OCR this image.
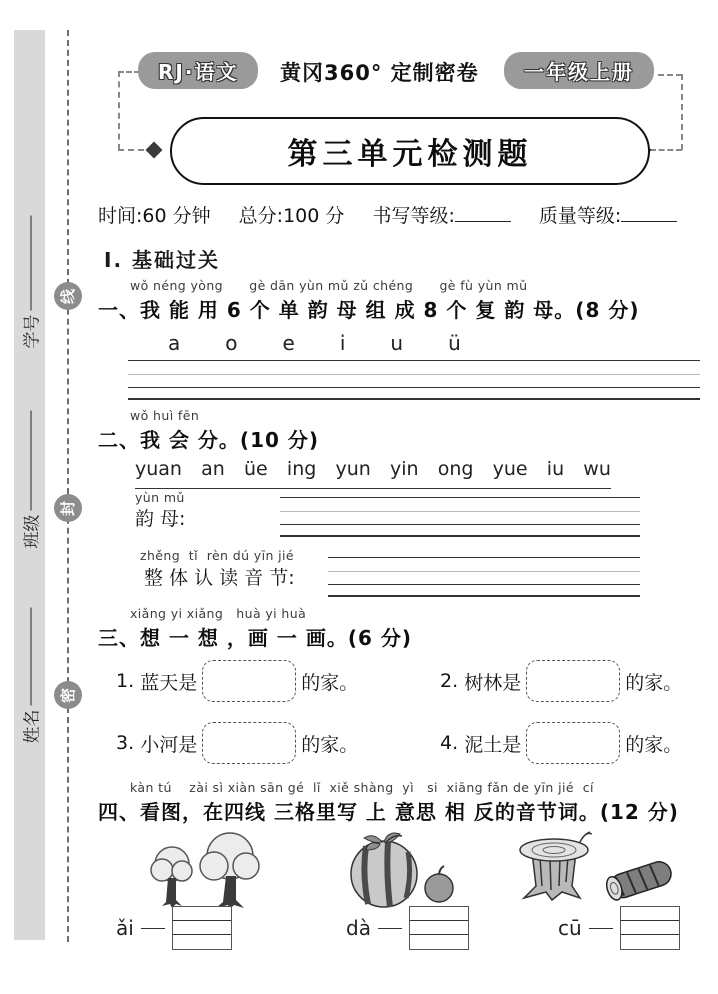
学号
班级
姓名
线
封
密
RJ·语文	黄冈360° 定制密卷	一年级上册
第三单元检测题
时间:60 分钟 总分:100 分 书写等级:	质量等级:
Ⅰ. 基础过关
wǒ néng yòng      gè dān yùn mǔ zǔ chéng      gè fù yùn mǔ
一、我 能 用 6 个 单 韵 母 组 成 8 个 复 韵 母。(8 分)
a o e i u ü
wǒ huì fēn
二、我 会 分。(10 分)
yuan an üe ing yun yin ong yue iu wu
yùn mǔ
韵 母:
zhěng  tǐ  rèn dú yīn jié
整 体 认 读 音 节:
xiǎng yi xiǎng   huà yi huà
三、想 一 想 ，画 一 画。(6 分)
1.
蓝天是	的家。	2.
树林是	的家。
3.
小河是	的家。	4.
泥土是	的家。
kàn tú    zài sì xiàn sān gé  lǐ  xiě shàng  yì   si  xiāng fǎn de yīn jié  cí
四、看图，在四线 三格里写 上 意思 相 反的音节词。(12 分)
ǎi	dà	cū
